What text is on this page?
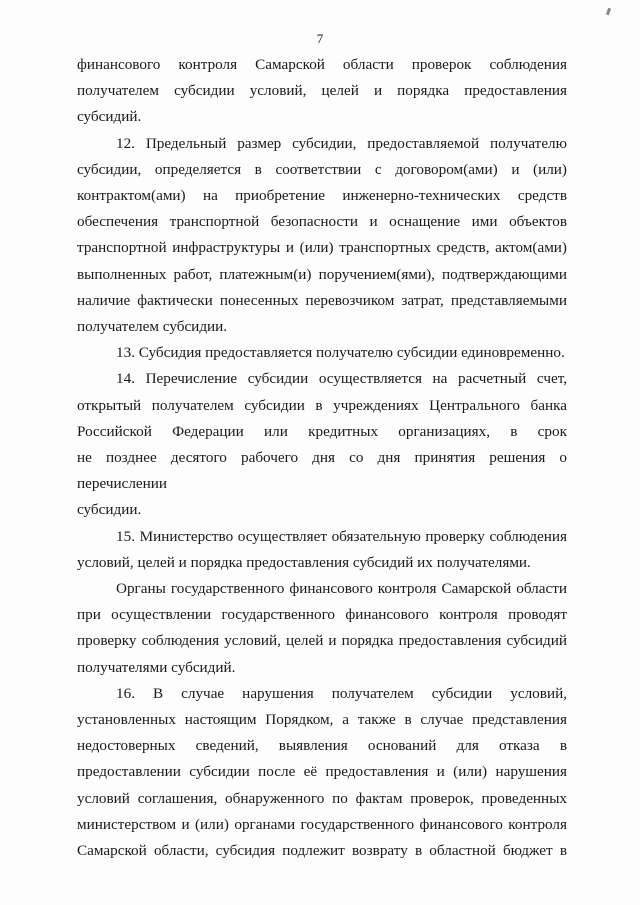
7

финансового контроля Самарской области проверок соблюдения

получателем субсидии условий, целей и порядка предоставления субсидий.

12. Предельный размер субсидии, предоставляемой получателю

субсидии, определяется в соответствии с договором(ами) и (или)

контрактом(ами) на приобретение инженерно-технических средств

обеспечения транспортной безопасности и оснащение ими объектов

транспортной инфраструктуры и (или) транспортных средств, актом(ами)

выполненных работ, платежным(и) поручением(ями), подтверждающими

наличие фактически понесенных перевозчиком затрат, представляемыми

получателем субсидии.

13. Субсидия предоставляется получателю субсидии единовременно.

14. Перечисление субсидии осуществляется на расчетный счет,

открытый получателем субсидии в учреждениях Центрального банка

Российской Федерации или кредитных организациях, в срок

не позднее десятого рабочего дня со дня принятия решения о перечислении

субсидии.

15. Министерство осуществляет обязательную проверку соблюдения

условий, целей и порядка предоставления субсидий их получателями.

Органы государственного финансового контроля Самарской области

при осуществлении государственного финансового контроля проводят

проверку соблюдения условий, целей и порядка предоставления субсидий

получателями субсидий.

16. В случае нарушения получателем субсидии условий,

установленных настоящим Порядком, а также в случае представления

недостоверных сведений, выявления оснований для отказа в

предоставлении субсидии после её предоставления и (или) нарушения

условий соглашения, обнаруженного по фактам проверок, проведенных

министерством и (или) органами государственного финансового контроля

Самарской области, субсидия подлежит возврату в областной бюджет в
